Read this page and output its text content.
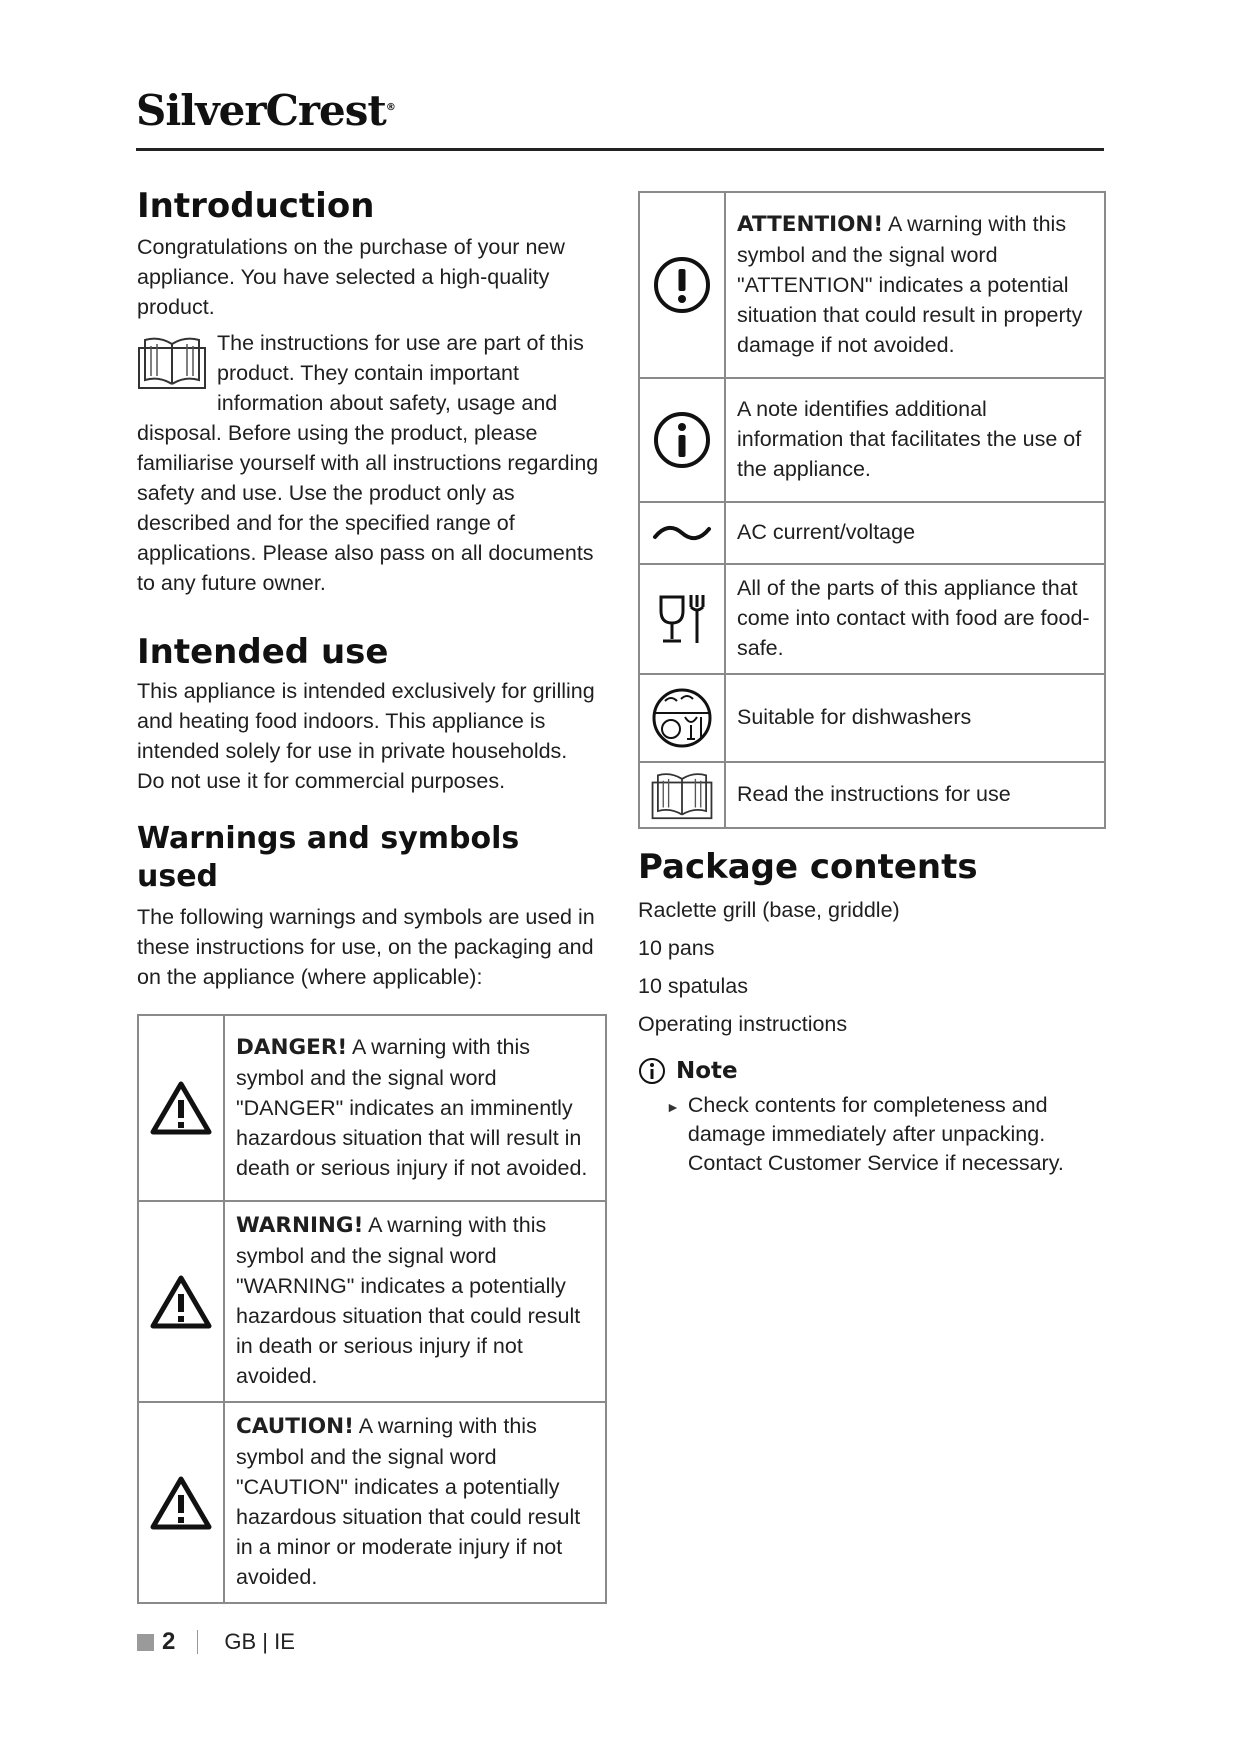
SilverCrest®
Introduction

Congratulations on the purchase of your new appliance. You have selected a high-quality product.

The instructions for use are part of this product. They contain important information about safety, usage and disposal. Before using the product, please familiarise yourself with all instructions regarding safety and use. Use the product only as described and for the specified range of applications. Please also pass on all documents to any future owner.

Intended use

This appliance is intended exclusively for grilling and heating food indoors. This appliance is intended solely for use in private households.

Do not use it for commercial purposes.

Warnings and symbols used

The following warnings and symbols are used in these instructions for use, on the packaging and on the appliance (where applicable):

	DANGER! A warning with this symbol and the signal word "DANGER" indicates an imminently hazardous situation that will result in death or serious injury if not avoided.

	WARNING! A warning with this symbol and the signal word "WARNING" indicates a potentially hazardous situation that could result in death or serious injury if not avoided.

	CAUTION! A warning with this symbol and the signal word "CAUTION" indicates a potentially hazardous situation that could result in a minor or moderate injury if not avoided.
	ATTENTION! A warning with this symbol and the signal word "ATTENTION" indicates a potential situation that could result in property damage if not avoided.

	A note identifies additional information that facilitates the use of the appliance.

	AC current/voltage

	All of the parts of this appliance that come into contact with food are food-safe.

	Suitable for dishwashers

	Read the instructions for use
Package contents
Raclette grill (base, griddle)
10 pans
10 spatulas
Operating instructions
Note
► Check contents for completeness and damage immediately after unpacking. Contact Customer Service if necessary.
2 GB | IE
